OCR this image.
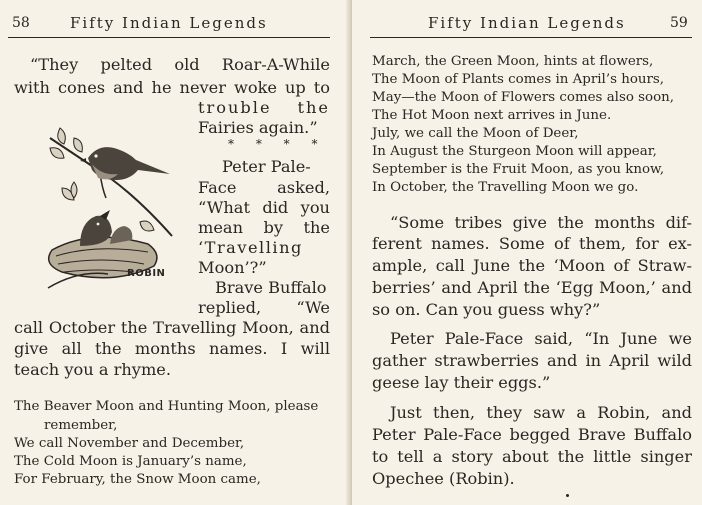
58	Fifty Indian Legends
“They pelted old Roar-A-While
with cones and he never woke up to
trouble the
Fairies again.”
* * * *
ROBIN
Peter Pale-
Face asked,
“What did you
mean by the
‘Travelling
Moon’?”
Brave Buffalo
replied, “We
call October the Travelling Moon, and
give all the months names. I will
teach you a rhyme.
The Beaver Moon and Hunting Moon, please
remember,
We call November and December,
The Cold Moon is January’s name,
For February, the Snow Moon came,
Fifty Indian Legends	59
March, the Green Moon, hints at flowers,
The Moon of Plants comes in April’s hours,
May—the Moon of Flowers comes also soon,
The Hot Moon next arrives in June.
July, we call the Moon of Deer,
In August the Sturgeon Moon will appear,
September is the Fruit Moon, as you know,
In October, the Travelling Moon we go.
“Some tribes give the months dif-
ferent names. Some of them, for ex-
ample, call June the ‘Moon of Straw-
berries’ and April the ‘Egg Moon,’ and
so on. Can you guess why?”
Peter Pale-Face said, “In June we
gather strawberries and in April wild
geese lay their eggs.”
Just then, they saw a Robin, and
Peter Pale-Face begged Brave Buffalo
to tell a story about the little singer
Opechee (Robin).
